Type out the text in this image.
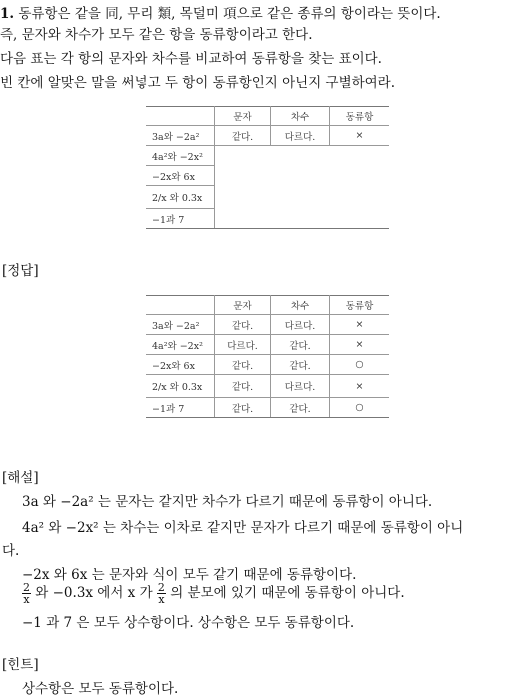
1. 동류항은 같을 同, 무리 類, 목덜미 項으로 같은 종류의 항이라는 뜻이다.
즉, 문자와 차수가 모두 같은 항을 동류항이라고 한다.
다음 표는 각 항의 문자와 차수를 비교하여 동류항을 찾는 표이다.
빈 칸에 알맞은 말을 써넣고 두 항이 동류항인지 아닌지 구별하여라.
	문자	차수	동류항
3a와 −2a²	같다.	다르다.	×
4a²와 −2x²			
−2x와 6x			
2/x 와 0.3x			
−1과 7			
[정답]
	문자	차수	동류항
3a와 −2a²	같다.	다르다.	×
4a²와 −2x²	다르다.	같다.	×
−2x와 6x	같다.	같다.	○
2/x 와 0.3x	같다.	다르다.	×
−1과 7	같다.	같다.	○
[해설]
3a 와 −2a² 는 문자는 같지만 차수가 다르기 때문에 동류항이 아니다.
4a² 와 −2x² 는 차수는 이차로 같지만 문자가 다르기 때문에 동류항이 아니
다.
−2x 와 6x 는 문자와 식이 모두 같기 때문에 동류항이다.
$\frac{2}{x}$ 와 −0.3x 에서 x 가 $\frac{2}{x}$ 의 분모에 있기 때문에 동류항이 아니다.
−1 과 7 은 모두 상수항이다. 상수항은 모두 동류항이다.
[힌트]
상수항은 모두 동류항이다.
